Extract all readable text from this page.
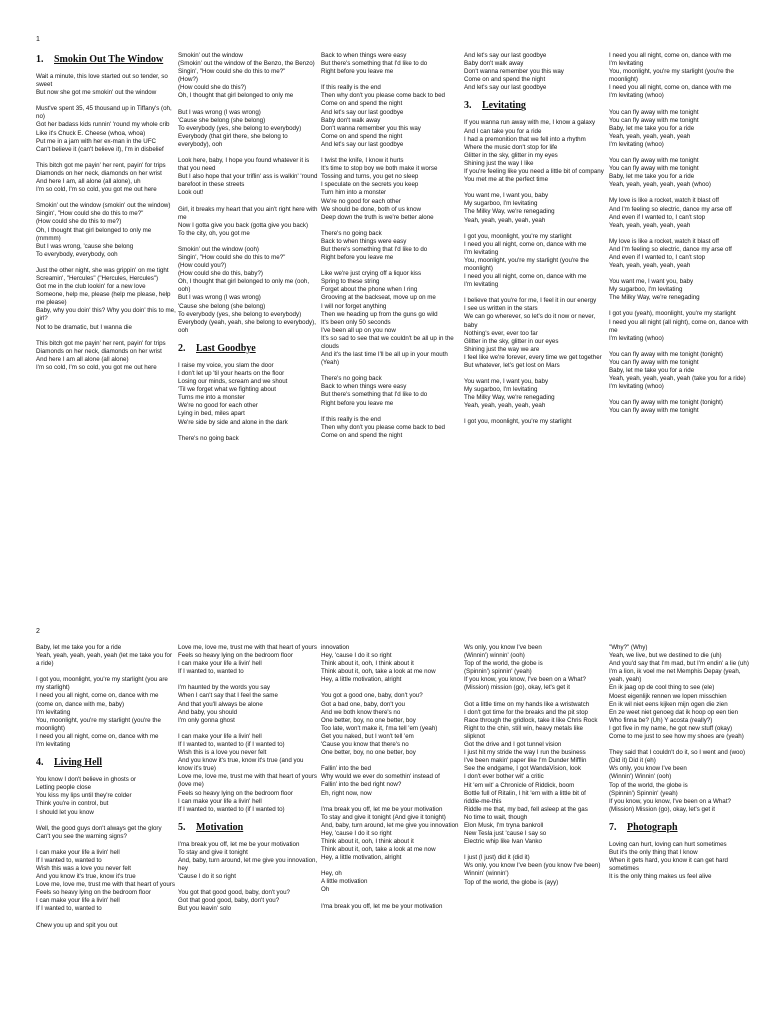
1
1.	Smokin Out The Window
Wait a minute, this love started out so tender, so sweet
But now she got me smokin' out the window
Must've spent 35, 45 thousand up in Tiffany's (oh, no)
Got her badass kids runnin' 'round my whole crib
Like it's Chuck E. Cheese (whoa, whoa)
Put me in a jam with her ex-man in the UFC
Can't believe it (can't believe it), I'm in disbelief
This bitch got me payin' her rent, payin' for trips
Diamonds on her neck, diamonds on her wrist
And here I am, all alone (all alone), uh
I'm so cold, I'm so cold, you got me out here
Smokin' out the window (smokin' out the window)
Singin', "How could she do this to me?"
(How could she do this to me?)
Oh, I thought that girl belonged to only me (mmmm)
But I was wrong, 'cause she belong
To everybody, everybody, ooh
Just the other night, she was grippin' on me tight
Screamin', "Hercules" ("Hercules, Hercules")
Got me in the club lookin' for a new love
Someone, help me, please (help me please, help me please)
Baby, why you doin' this? Why you doin' this to me, girl?
Not to be dramatic, but I wanna die
This bitch got me payin' her rent, payin' for trips
Diamonds on her neck, diamonds on her wrist
And here I am all alone (all alone)
I'm so cold, I'm so cold, you got me out here
Smokin' out the window
(Smokin' out the window of the Benzo, the Benzo)
Singin', "How could she do this to me?"
(How?)
(How could she do this?)
Oh, I thought that girl belonged to only me
But I was wrong (I was wrong)
'Cause she belong (she belong)
To everybody (yes, she belong to everybody)
Everybody (that girl there, she belong to everybody), ooh
Look here, baby, I hope you found whatever it is that you need
But I also hope that your triflin' ass is walkin' 'round barefoot in these streets
Look out!
Girl, it breaks my heart that you ain't right here with me
Now I gotta give you back (gotta give you back)
To the city, oh, you got me
Smokin' out the window (ooh)
Singin', "How could she do this to me?"
(How could you?)
(How could she do this, baby?)
Oh, I thought that girl belonged to only me (ooh, ooh)
But I was wrong (I was wrong)
'Cause she belong (she belong)
To everybody (yes, she belong to everybody)
Everybody (yeah, yeah, she belong to everybody), ooh
2.	Last Goodbye
I raise my voice, you slam the door
I don't let up 'til your hearts on the floor
Losing our minds, scream and we shout
'Til we forget what we fighting about
Turns me into a monster
We're no good for each other
Lying in bed, miles apart
We're side by side and alone in the dark
There's no going back
Back to when things were easy
But there's something that I'd like to do
Right before you leave me
If this really is the end
Then why don't you please come back to bed
Come on and spend the night
And let's say our last goodbye
Baby don't walk away
Don't wanna remember you this way
Come on and spend the night
And let's say our last goodbye
I twist the knife, I know it hurts
It's time to stop boy we both make it worse
Tossing and turns, you get no sleep
I speculate on the secrets you keep
Turn him into a monster
We're no good for each other
We should be done, both of us know
Deep down the truth is we're better alone
There's no going back
Back to when things were easy
But there's something that I'd like to do
Right before you leave me
Like we're just crying off a liquor kiss
Spring to these string
Forget about the phone when I ring
Grooving at the backseat, move up on me
I will nor forget anything
Then we heading up from the guns go wild
It's been only 50 seconds
I've been all up on you now
It's so sad to see that we couldn't be all up in the clouds
And it's the last time I'll be all up in your mouth (Yeah)
There's no going back
Back to when things were easy
But there's something that I'd like to do
Right before you leave me
If this really is the end
Then why don't you please come back to bed
Come on and spend the night
And let's say our last goodbye
Baby don't walk away
Don't wanna remember you this way
Come on and spend the night
And let's say our last goodbye
3.	Levitating
If you wanna run away with me, I know a galaxy
And I can take you for a ride
I had a premonition that we fell into a rhythm
Where the music don't stop for life
Glitter in the sky, glitter in my eyes
Shining just the way I like
If you're feeling like you need a little bit of company
You met me at the perfect time
You want me, I want you, baby
My sugarboo, I'm levitating
The Milky Way, we're renegading
Yeah, yeah, yeah, yeah, yeah
I got you, moonlight, you're my starlight
I need you all night, come on, dance with me
I'm levitating
You, moonlight, you're my starlight (you're the moonlight)
I need you all night, come on, dance with me
I'm levitating
I believe that you're for me, I feel it in our energy
I see us written in the stars
We can go wherever, so let's do it now or never, baby
Nothing's ever, ever too far
Glitter in the sky, glitter in our eyes
Shining just the way we are
I feel like we're forever, every time we get together
But whatever, let's get lost on Mars
You want me, I want you, baby
My sugarboo, I'm levitating
The Milky Way, we're renegading
Yeah, yeah, yeah, yeah, yeah
I got you, moonlight, you're my starlight
I need you all night, come on, dance with me
I'm levitating
You, moonlight, you're my starlight (you're the moonlight)
I need you all night, come on, dance with me
I'm levitating (whoo)
You can fly away with me tonight
You can fly away with me tonight
Baby, let me take you for a ride
Yeah, yeah, yeah, yeah, yeah
I'm levitating (whoo)
You can fly away with me tonight
You can fly away with me tonight
Baby, let me take you for a ride
Yeah, yeah, yeah, yeah, yeah (whoo)
My love is like a rocket, watch it blast off
And I'm feeling so electric, dance my arse off
And even if I wanted to, I can't stop
Yeah, yeah, yeah, yeah, yeah
My love is like a rocket, watch it blast off
And I'm feeling so electric, dance my arse off
And even if I wanted to, I can't stop
Yeah, yeah, yeah, yeah, yeah
You want me, I want you, baby
My sugarboo, I'm levitating
The Milky Way, we're renegading
I got you (yeah), moonlight, you're my starlight
I need you all night (all night), come on, dance with me
I'm levitating (whoo)
You can fly away with me tonight (tonight)
You can fly away with me tonight
Baby, let me take you for a ride
Yeah, yeah, yeah, yeah, yeah (take you for a ride)
I'm levitating (whoo)
You can fly away with me tonight (tonight)
You can fly away with me tonight
2
Baby, let me take you for a ride
Yeah, yeah, yeah, yeah, yeah (let me take you for a ride)
I got you, moonlight, you're my starlight (you are my starlight)
I need you all night, come on, dance with me (come on, dance with me, baby)
I'm levitating
You, moonlight, you're my starlight (you're the moonlight)
I need you all night, come on, dance with me
I'm levitating
4.	Living Hell
You know I don't believe in ghosts or
Letting people close
You kiss my lips until they're colder
Think you're in control, but
I should let you know
Well, the good guys don't always get the glory
Can't you see the warning signs?
I can make your life a livin' hell
If I wanted to, wanted to
Wish this was a love you never felt
And you know it's true, know it's true
Love me, love me, trust me with that heart of yours
Feels so heavy lying on the bedroom floor
I can make your life a livin' hell
If I wanted to, wanted to
Chew you up and spit you out
Love me, love me, trust me with that heart of yours
Feels so heavy lying on the bedroom floor
I can make your life a livin' hell
If I wanted to, wanted to
I'm haunted by the words you say
When I can't say that I feel the same
And that you'll always be alone
And baby, you should
I'm only gonna ghost
I can make your life a livin' hell
If I wanted to, wanted to (if I wanted to)
Wish this is a love you never felt
And you know it's true, know it's true (and you know it's true)
Love me, love me, trust me with that heart of yours (love me)
Feels so heavy lying on the bedroom floor
I can make your life a livin' hell
If I wanted to, wanted to (if I wanted to)
5.	Motivation
I'ma break you off, let me be your motivation
To stay and give it tonight
And, baby, turn around, let me give you innovation, hey
'Cause I do it so right
You got that good good, baby, don't you?
Got that good good, baby, don't you?
But you leavin' solo
innovation
Hey, 'cause I do it so right
Think about it, ooh, I think about it
Think about it, ooh, take a look at me now
Hey, a little motivation, alright
You got a good one, baby, don't you?
Got a bad one, baby, don't you
And we both know there's no
One better, boy, no one better, boy
Too late, won't make it, I'ma tell 'em (yeah)
Get you naked, but I won't tell 'em
'Cause you know that there's no
One better, boy, no one better, boy
Fallin' into the bed
Why would we ever do somethin' instead of
Fallin' into the bed right now?
Eh, right now, now
I'ma break you off, let me be your motivation
To stay and give it tonight (And give it tonight)
And, baby, turn around, let me give you innovation
Hey, 'cause I do it so right
Think about it, ooh, I think about it
Think about it, ooh, take a look at me now
Hey, a little motivation, alright
Hey, oh
A little motivation
Oh
I'ma break you off, let me be your motivation
Ws only, you know I've been
(Winnin') winnin' (ooh)
Top of the world, the globe is
(Spinnin') spinnin' (yeah)
If you know, you know, I've been on a What? (Mission) mission (go), okay, let's get it
Got a little time on my hands like a wristwatch
I don't got time for the breaks and the pit stop
Race through the gridlock, take it like Chris Rock
Right to the chin, still win, heavy metals like slipknot
Got the drive and I got tunnel vision
I just hit my stride the way I run the business
I've been makin' paper like I'm Dunder Mifflin
See the endgame, I got WandaVision, look
I don't ever bother wit' a critic
Hit 'em wit' a Chronicle of Riddick, boom
Bottle full of Ritalin, I hit 'em with a little bit of riddle-me-this
Riddle me that, my bad, fell asleep at the gas
No time to wait, though
Elon Musk, I'm tryna bankroll
New Tesla just 'cause I say so
Electric whip like Ivan Vanko
I just (I just) did it (did it)
Ws only, you know I've been (you know I've been)
Winnin' (winnin')
Top of the world, the globe is (ayy)
"Why?" (Why)
Yeah, we live, but we destined to die (uh)
And you'd say that I'm mad, but I'm endin' a lie (uh)
I'm a lion, ik voel me net Memphis Depay (yeah, yeah, yeah)
En ik jaag op de cool thing to see (ele)
Moest eigenlijk rennen we lopen misschien
En ik wil niet eens kijken mijn ogen die zien
En ze weet niet genoeg dat ik hoop op een tien
Who finna be? (Uh) Y acosta (really?)
I got five in my name, he got new stuff (okay)
Come to me just to see how my shoes are (yeah)
They said that I couldn't do it, so I went and (woo)
(Did it) Did it (eh)
Ws only, you know I've been
(Winnin') Winnin' (ooh)
Top of the world, the globe is
(Spinnin') Spinnin' (yeah)
If you know, you know, I've been on a What? (Mission) Mission (go), okay, let's get it
7.	Photograph
Loving can hurt, loving can hurt sometimes
But it's the only thing that I know
When it gets hard, you know it can get hard sometimes
It is the only thing makes us feel alive
